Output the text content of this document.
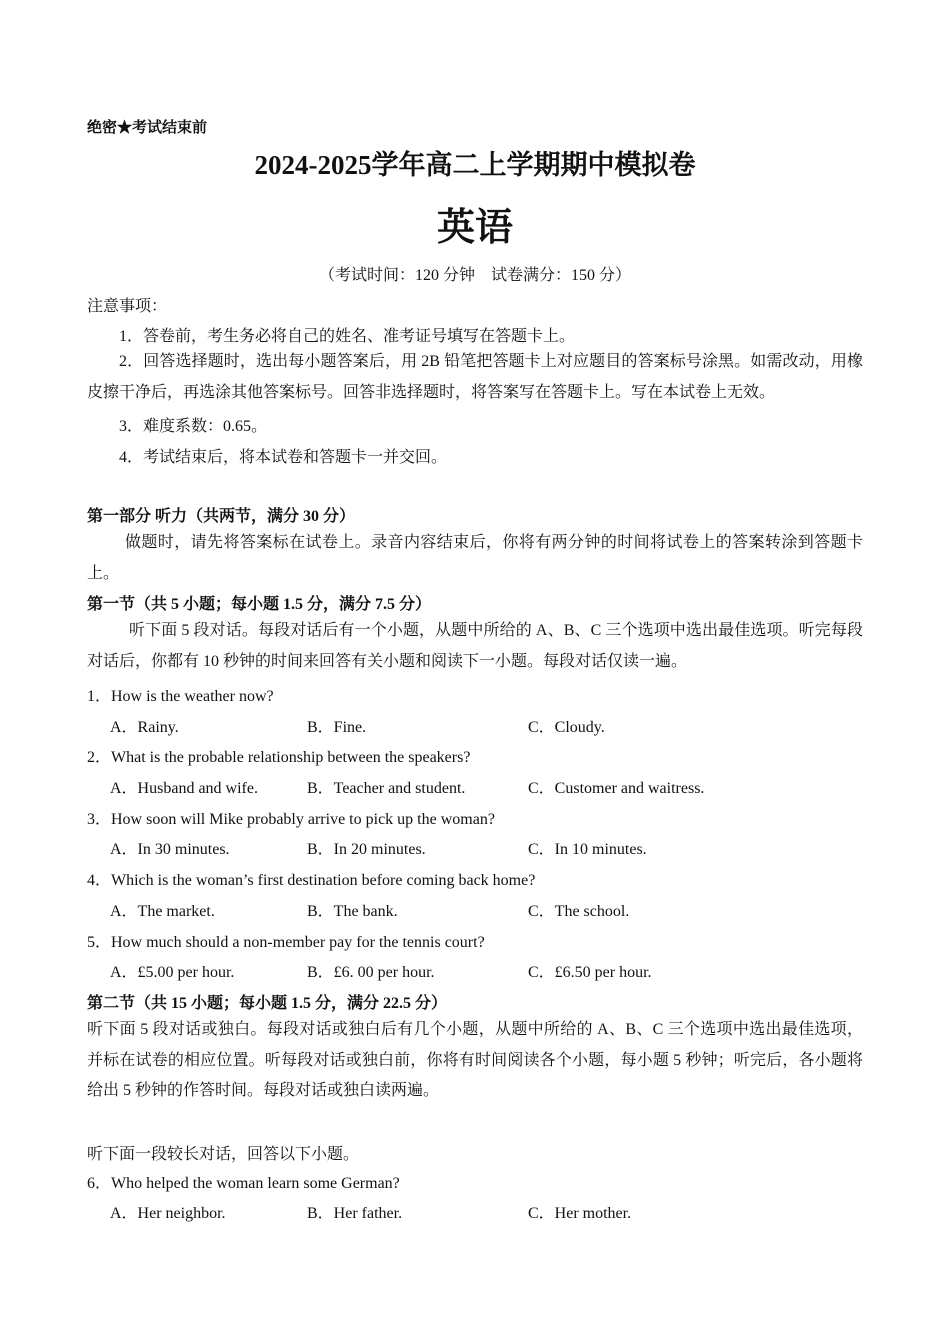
绝密★考试结束前
2024-2025学年高二上学期期中模拟卷
英语
（考试时间：120 分钟　试卷满分：150 分）
注意事项：
1．答卷前，考生务必将自己的姓名、准考证号填写在答题卡上。
2．回答选择题时，选出每小题答案后，用 2B 铅笔把答题卡上对应题目的答案标号涂黑。如需改动，用橡皮擦干净后，再选涂其他答案标号。回答非选择题时，将答案写在答题卡上。写在本试卷上无效。
3．难度系数：0.65。
4．考试结束后，将本试卷和答题卡一并交回。
第一部分 听力（共两节，满分 30 分）
做题时，请先将答案标在试卷上。录音内容结束后，你将有两分钟的时间将试卷上的答案转涂到答题卡上。
第一节（共 5 小题；每小题 1.5 分，满分 7.5 分）
听下面 5 段对话。每段对话后有一个小题，从题中所给的 A、B、C 三个选项中选出最佳选项。听完每段对话后，你都有 10 秒钟的时间来回答有关小题和阅读下一小题。每段对话仅读一遍。
1．How is the weather now?
A．Rainy.	B．Fine.	C．Cloudy.
2．What is the probable relationship between the speakers?
A．Husband and wife.	B．Teacher and student.	C．Customer and waitress.
3．How soon will Mike probably arrive to pick up the woman?
A．In 30 minutes.	B．In 20 minutes.	C．In 10 minutes.
4．Which is the woman’s first destination before coming back home?
A．The market.	B．The bank.	C．The school.
5．How much should a non-member pay for the tennis court?
A．£5.00 per hour.	B．£6. 00 per hour.	C．£6.50 per hour.
第二节（共 15 小题；每小题 1.5 分，满分 22.5 分）
听下面 5 段对话或独白。每段对话或独白后有几个小题，从题中所给的 A、B、C 三个选项中选出最佳选项，并标在试卷的相应位置。听每段对话或独白前，你将有时间阅读各个小题，每小题 5 秒钟；听完后，各小题将给出 5 秒钟的作答时间。每段对话或独白读两遍。
听下面一段较长对话，回答以下小题。
6．Who helped the woman learn some German?
A．Her neighbor.	B．Her father.	C．Her mother.
